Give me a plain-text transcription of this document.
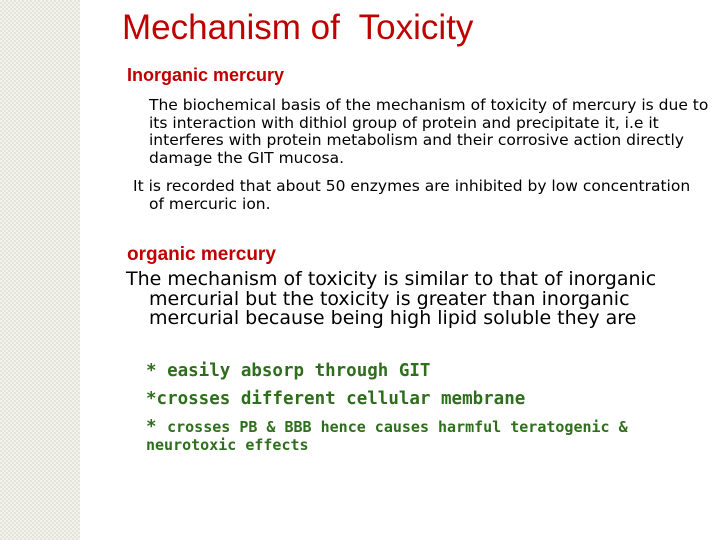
Mechanism of  Toxicity
Inorganic mercury

The biochemical basis of the mechanism of toxicity of mercury is due to its interaction with dithiol group of protein and precipitate it, i.e it interferes with protein metabolism and their corrosive action directly damage the GIT mucosa.

It is recorded that about 50 enzymes are inhibited by low concentration of mercuric ion.

organic mercury

The mechanism of toxicity is similar to that of inorganic mercurial but the toxicity is greater than inorganic mercurial because being high lipid soluble they are

* easily absorp through GIT

*crosses different cellular membrane

* crosses PB & BBB hence causes harmful teratogenic & neurotoxic effects
